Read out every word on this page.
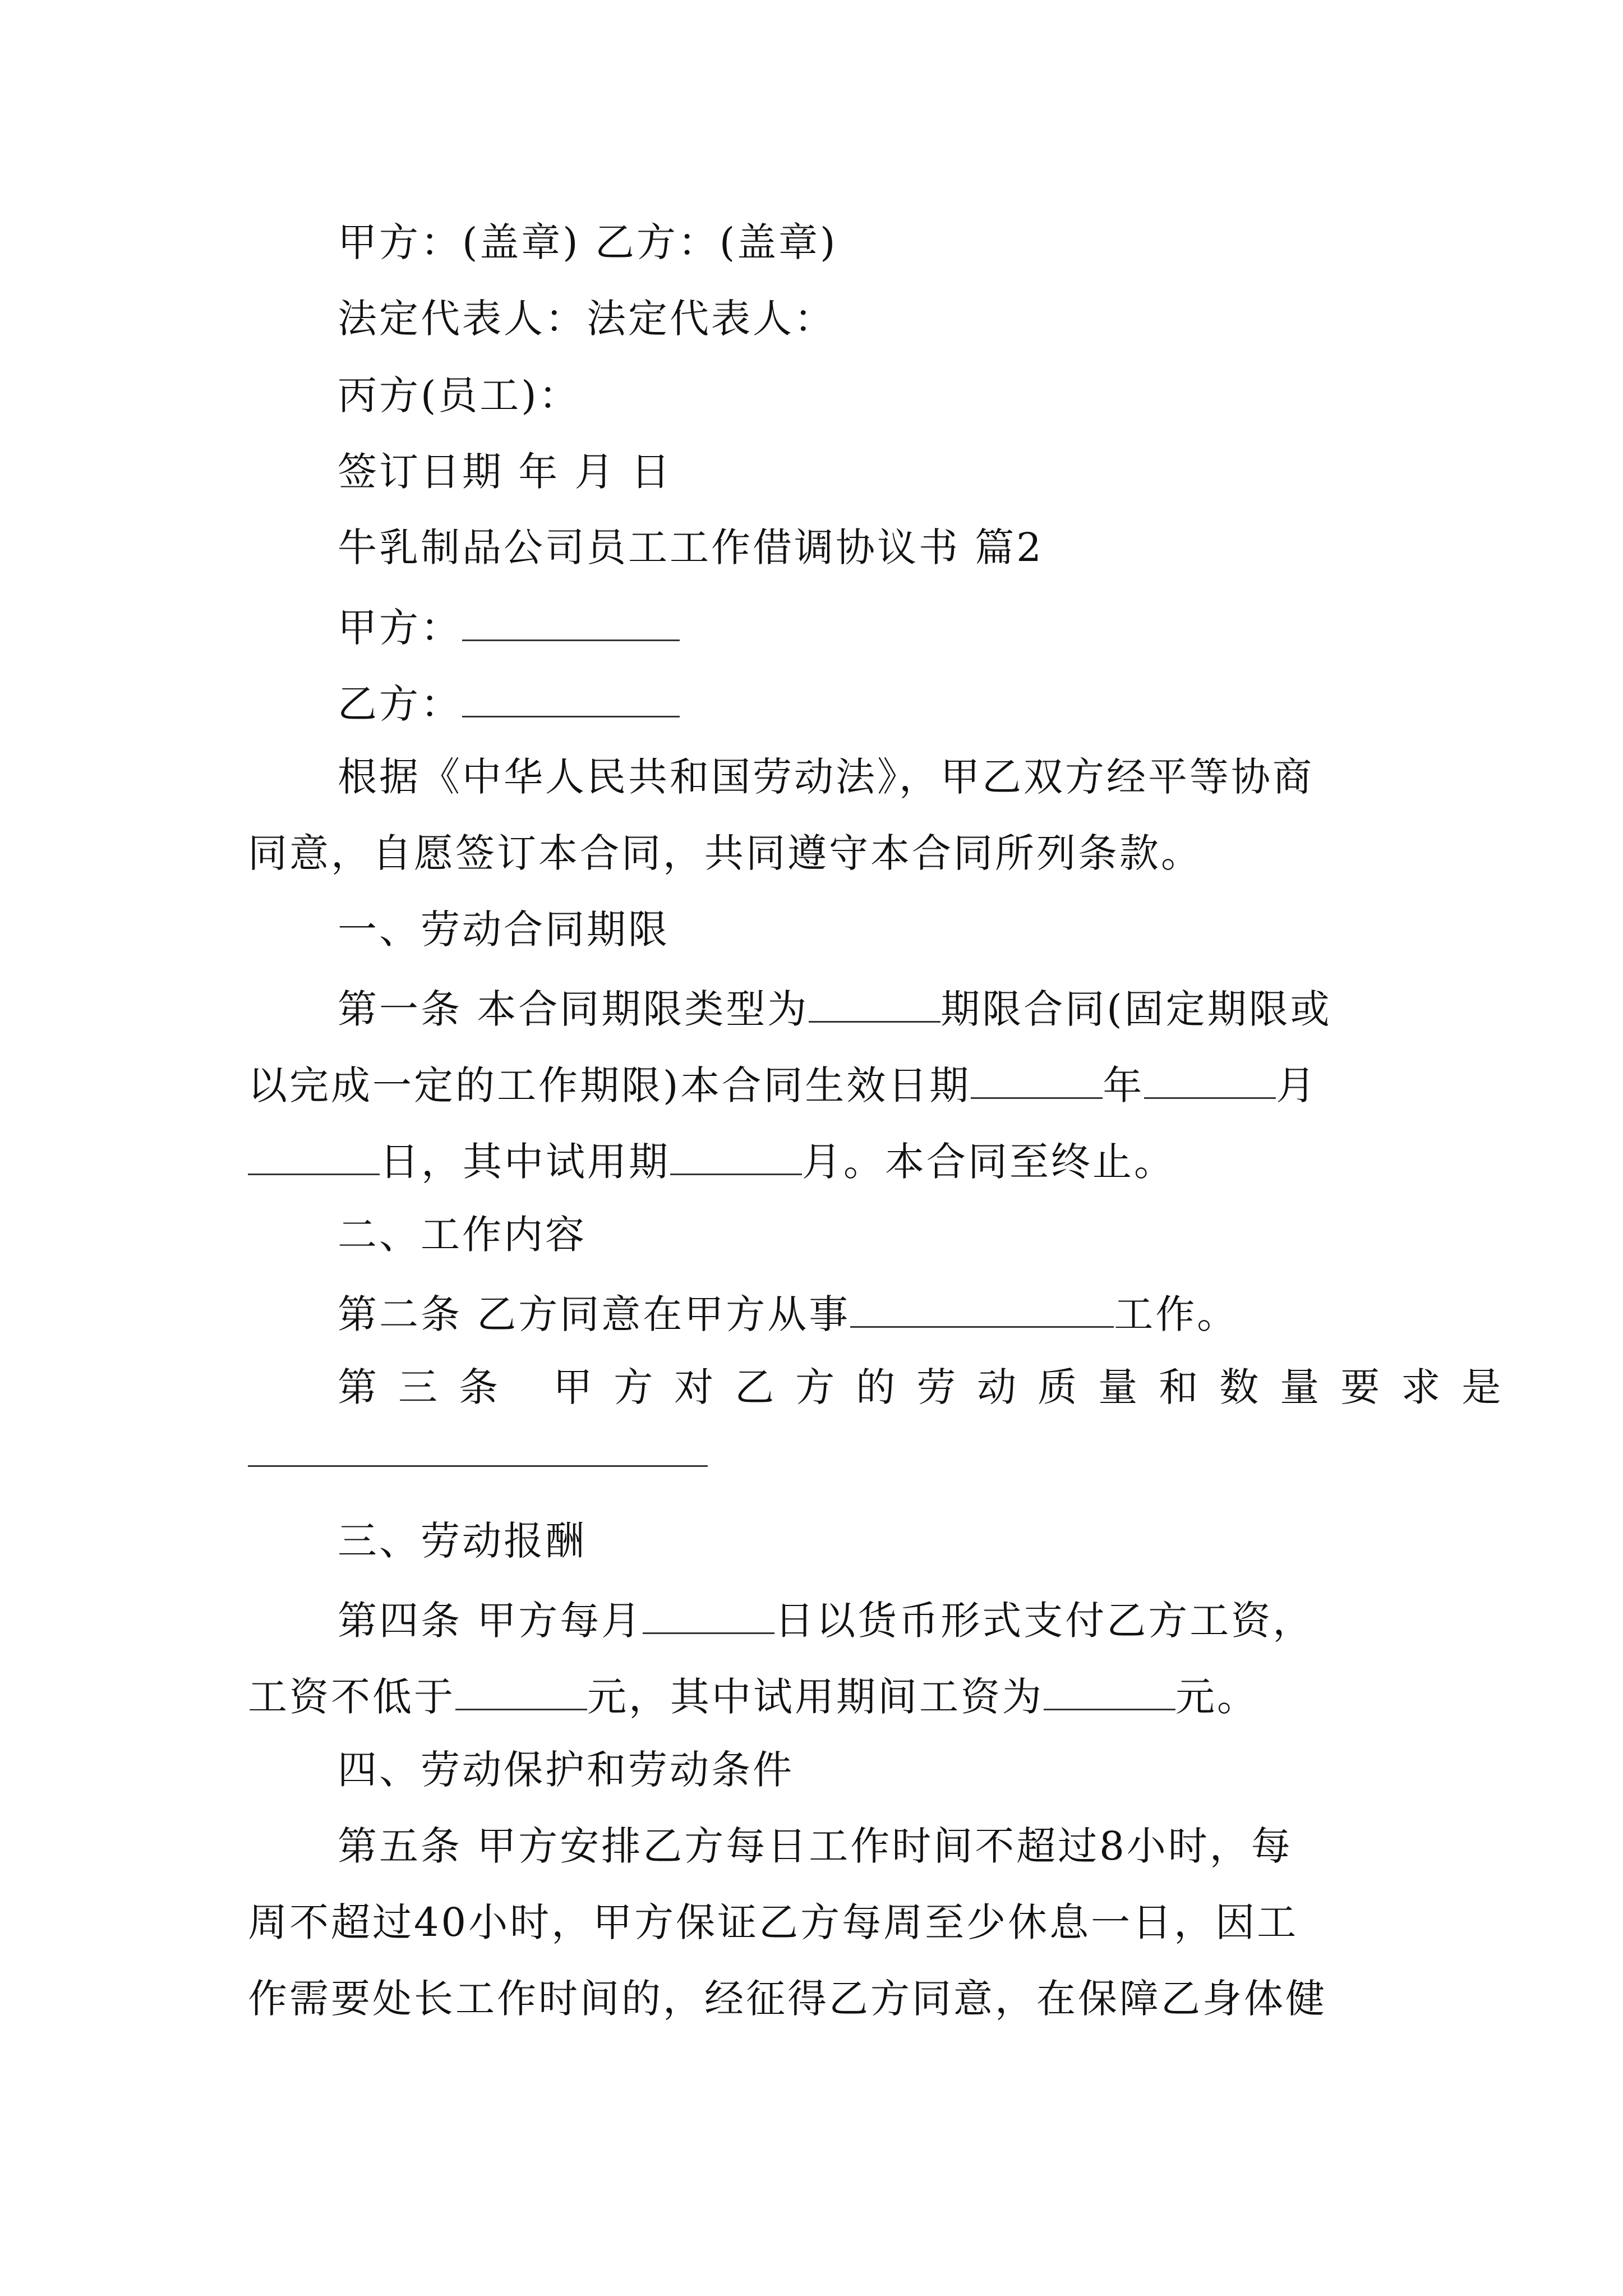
甲方：(盖章) 乙方：(盖章)
法定代表人：法定代表人：
丙方(员工)：
签订日期 年 月 日
牛乳制品公司员工工作借调协议书 篇2
甲方：
乙方：
根据《中华人民共和国劳动法》，甲乙双方经平等协商
同意，自愿签订本合同，共同遵守本合同所列条款。
一、劳动合同期限
第一条 本合同期限类型为	期限合同(固定期限或
以完成一定的工作期限)本合同生效日期	年	月
日，其中试用期	月。本合同至终止。
二、工作内容
第二条 乙方同意在甲方从事	工作。
第三条 甲方对乙方的劳动质量和数量要求是
三、劳动报酬
第四条 甲方每月	日以货币形式支付乙方工资，
工资不低于	元，其中试用期间工资为	元。
四、劳动保护和劳动条件
第五条 甲方安排乙方每日工作时间不超过8小时，每
周不超过40小时，甲方保证乙方每周至少休息一日，因工
作需要处长工作时间的，经征得乙方同意，在保障乙身体健
